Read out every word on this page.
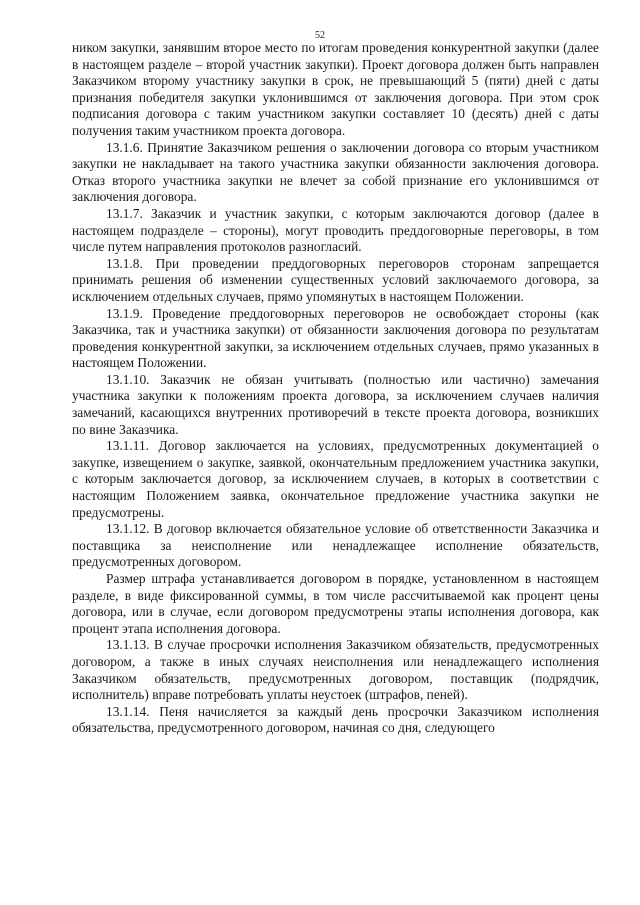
52

ником закупки, занявшим второе место по итогам проведения конкурентной закупки (далее в настоящем разделе – второй участник закупки). Проект договора должен быть направлен Заказчиком второму участнику закупки в срок, не превышающий 5 (пяти) дней с даты признания победителя закупки уклонившимся от заключения договора. При этом срок подписания договора с таким участником закупки составляет 10 (десять) дней с даты получения таким участником проекта договора.

13.1.6. Принятие Заказчиком решения о заключении договора со вторым участником закупки не накладывает на такого участника закупки обязанности заключения договора. Отказ второго участника закупки не влечет за собой признание его уклонившимся от заключения договора.

13.1.7. Заказчик и участник закупки, с которым заключаются договор (далее в настоящем подразделе – стороны), могут проводить преддоговорные переговоры, в том числе путем направления протоколов разногласий.

13.1.8. При проведении преддоговорных переговоров сторонам запрещается принимать решения об изменении существенных условий заключаемого договора, за исключением отдельных случаев, прямо упомянутых в настоящем Положении.

13.1.9. Проведение преддоговорных переговоров не освобождает стороны (как Заказчика, так и участника закупки) от обязанности заключения договора по результатам проведения конкурентной закупки, за исключением отдельных случаев, прямо указанных в настоящем Положении.

13.1.10. Заказчик не обязан учитывать (полностью или частично) замечания участника закупки к положениям проекта договора, за исключением случаев наличия замечаний, касающихся внутренних противоречий в тексте проекта договора, возникших по вине Заказчика.

13.1.11. Договор заключается на условиях, предусмотренных документацией о закупке, извещением о закупке, заявкой, окончательным предложением участника закупки, с которым заключается договор, за исключением случаев, в которых в соответствии с настоящим Положением заявка, окончательное предложение участника закупки не предусмотрены.

13.1.12. В договор включается обязательное условие об ответственности Заказчика и поставщика за неисполнение или ненадлежащее исполнение обязательств, предусмотренных договором.

Размер штрафа устанавливается договором в порядке, установленном в настоящем разделе, в виде фиксированной суммы, в том числе рассчитываемой как процент цены договора, или в случае, если договором предусмотрены этапы исполнения договора, как процент этапа исполнения договора.

13.1.13. В случае просрочки исполнения Заказчиком обязательств, предусмотренных договором, а также в иных случаях неисполнения или ненадлежащего исполнения Заказчиком обязательств, предусмотренных договором, поставщик (подрядчик, исполнитель) вправе потребовать уплаты неустоек (штрафов, пеней).

13.1.14. Пеня начисляется за каждый день просрочки Заказчиком исполнения обязательства, предусмотренного договором, начиная со дня, следующего
